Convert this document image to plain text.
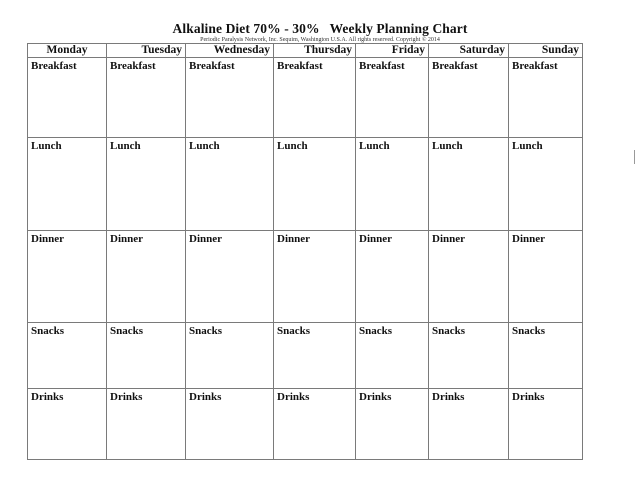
Alkaline Diet 70% - 30% Weekly Planning Chart
Periodic Paralysis Network, Inc. Sequim, Washington U.S.A. All rights reserved. Copyright © 2014
Monday	Tuesday	Wednesday	Thursday	Friday	Saturday	Sunday
Breakfast	Breakfast	Breakfast	Breakfast	Breakfast	Breakfast	Breakfast
Lunch	Lunch	Lunch	Lunch	Lunch	Lunch	Lunch
Dinner	Dinner	Dinner	Dinner	Dinner	Dinner	Dinner
Snacks	Snacks	Snacks	Snacks	Snacks	Snacks	Snacks
Drinks	Drinks	Drinks	Drinks	Drinks	Drinks	Drinks
